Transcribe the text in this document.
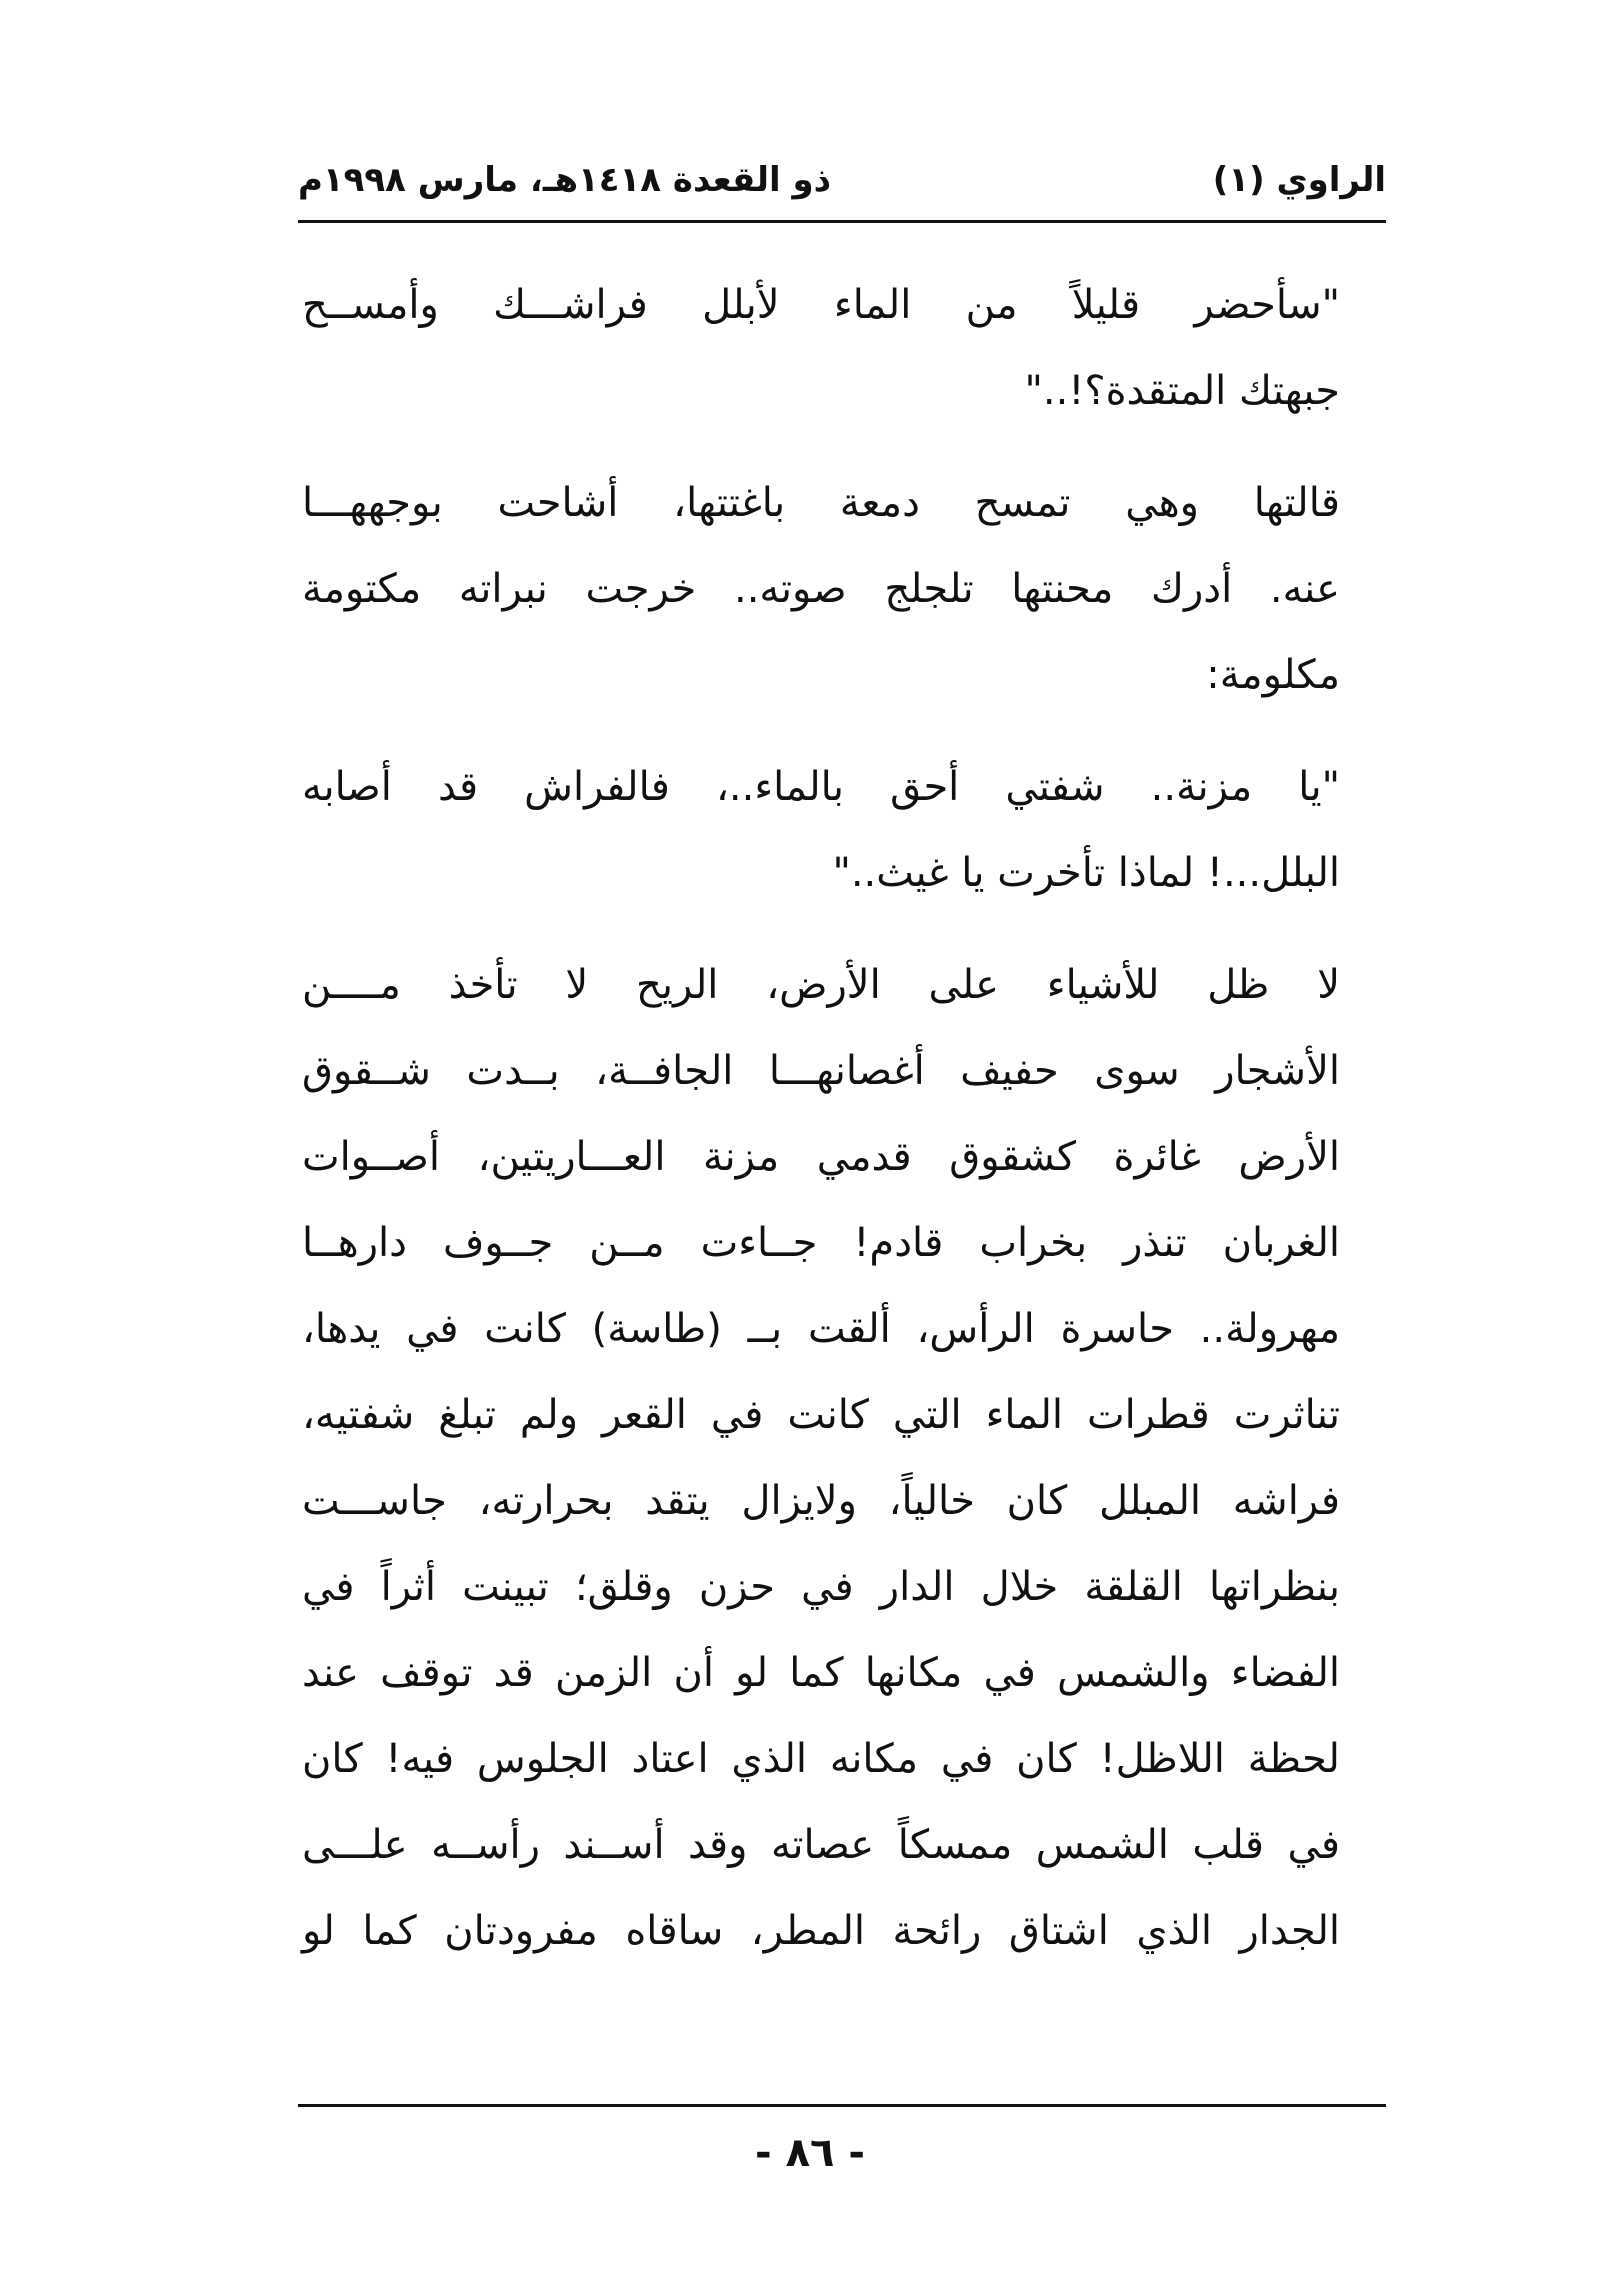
الراوي (١)
ذو القعدة ١٤١٨هـ، مارس ١٩٩٨م

"سأحضر قليلاً من الماء لأبلل فراشـــك وأمســح
جبهتك المتقدة؟!.."

قالتها وهي تمسح دمعة باغتتها، أشاحت بوجههـــا
عنه. أدرك محنتها تلجلج صوته.. خرجت نبراته مكتومة
مكلومة:

"يا مزنة.. شفتي أحق بالماء..، فالفراش قد أصابه
البلل...! لماذا تأخرت يا غيث.."

لا ظل للأشياء على الأرض، الريح لا تأخذ مــــن
الأشجار سوى حفيف أغصانهـــا الجافــة، بــدت شــقوق
الأرض غائرة كشقوق قدمي مزنة العـــاريتين، أصــوات
الغربان تنذر بخراب قادم! جــاءت مــن جــوف دارهــا
مهرولة.. حاسرة الرأس، ألقت بــ (طاسة) كانت في يدها،
تناثرت قطرات الماء التي كانت في القعر ولم تبلغ شفتيه،
فراشه المبلل كان خالياً، ولايزال يتقد بحرارته، جاســـت
بنظراتها القلقة خلال الدار في حزن وقلق؛ تبينت أثراً في
الفضاء والشمس في مكانها كما لو أن الزمن قد توقف عند
لحظة اللاظل! كان في مكانه الذي اعتاد الجلوس فيه! كان
في قلب الشمس ممسكاً عصاته وقد أســند رأســه علـــى
الجدار الذي اشتاق رائحة المطر، ساقاه مفرودتان كما لو

- ٨٦ -
